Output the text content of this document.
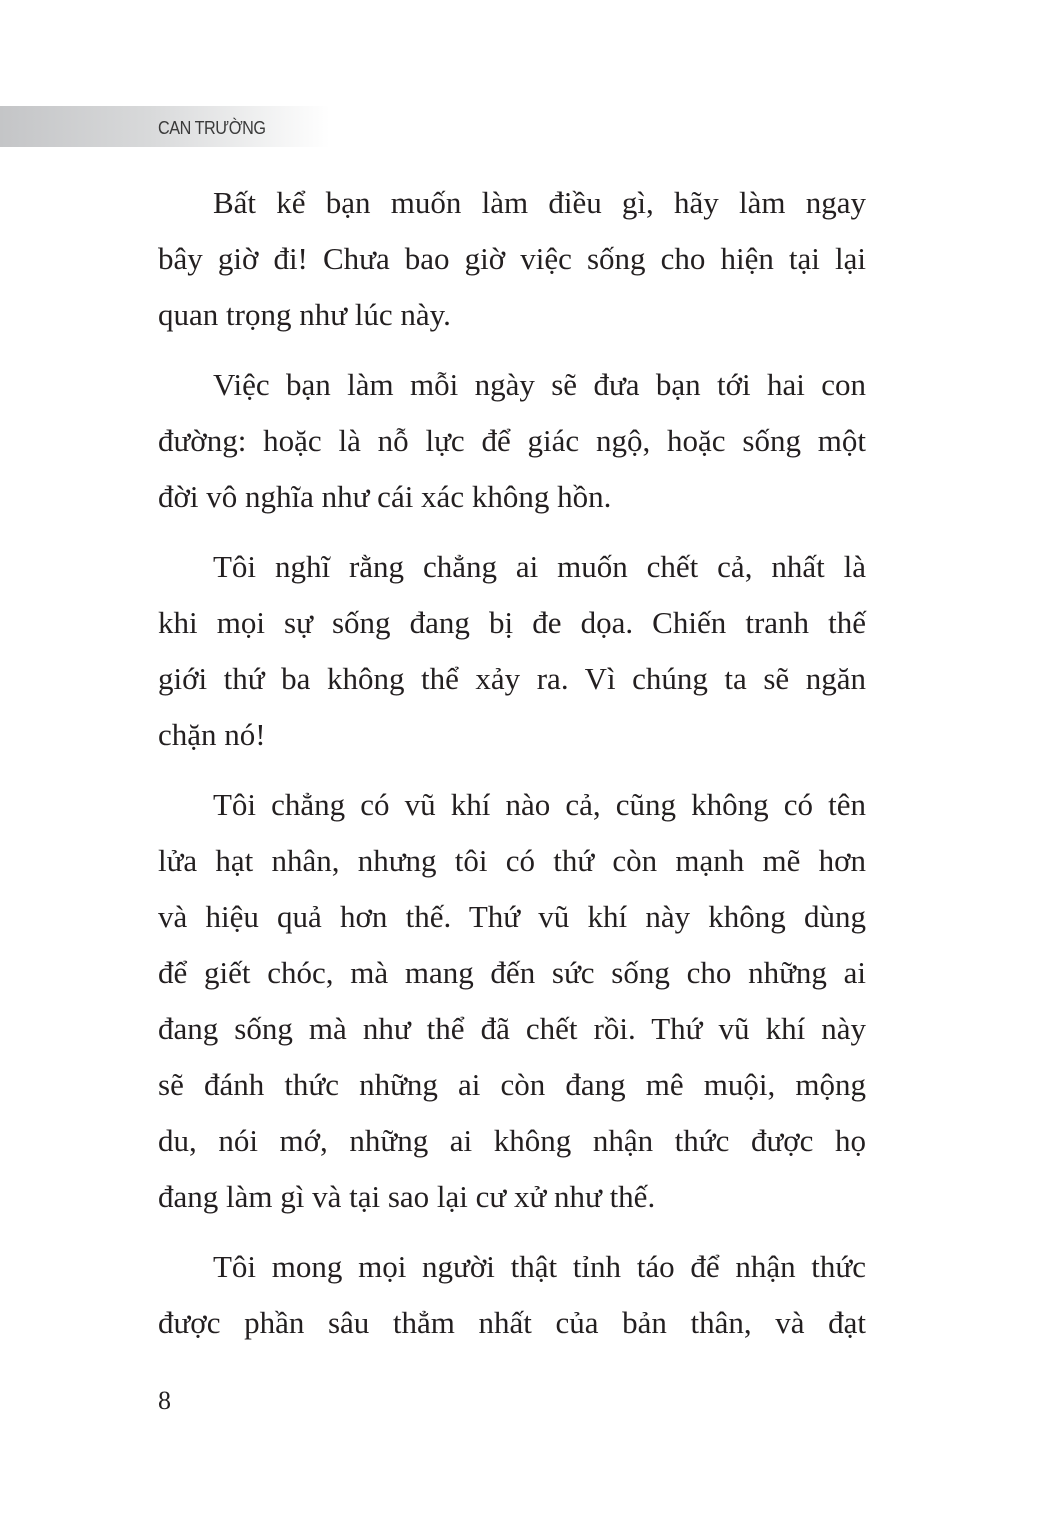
CAN TRƯỜNG
Bất kể bạn muốn làm điều gì, hãy làm ngay
bây giờ đi! Chưa bao giờ việc sống cho hiện tại lại
quan trọng như lúc này.
Việc bạn làm mỗi ngày sẽ đưa bạn tới hai con
đường: hoặc là nỗ lực để giác ngộ, hoặc sống một
đời vô nghĩa như cái xác không hồn.
Tôi nghĩ rằng chẳng ai muốn chết cả, nhất là
khi mọi sự sống đang bị đe dọa. Chiến tranh thế
giới thứ ba không thể xảy ra. Vì chúng ta sẽ ngăn
chặn nó!
Tôi chẳng có vũ khí nào cả, cũng không có tên
lửa hạt nhân, nhưng tôi có thứ còn mạnh mẽ hơn
và hiệu quả hơn thế. Thứ vũ khí này không dùng
để giết chóc, mà mang đến sức sống cho những ai
đang sống mà như thể đã chết rồi. Thứ vũ khí này
sẽ đánh thức những ai còn đang mê muội, mộng
du, nói mớ, những ai không nhận thức được họ
đang làm gì và tại sao lại cư xử như thế.
Tôi mong mọi người thật tỉnh táo để nhận thức
được phần sâu thẳm nhất của bản thân, và đạt
8
